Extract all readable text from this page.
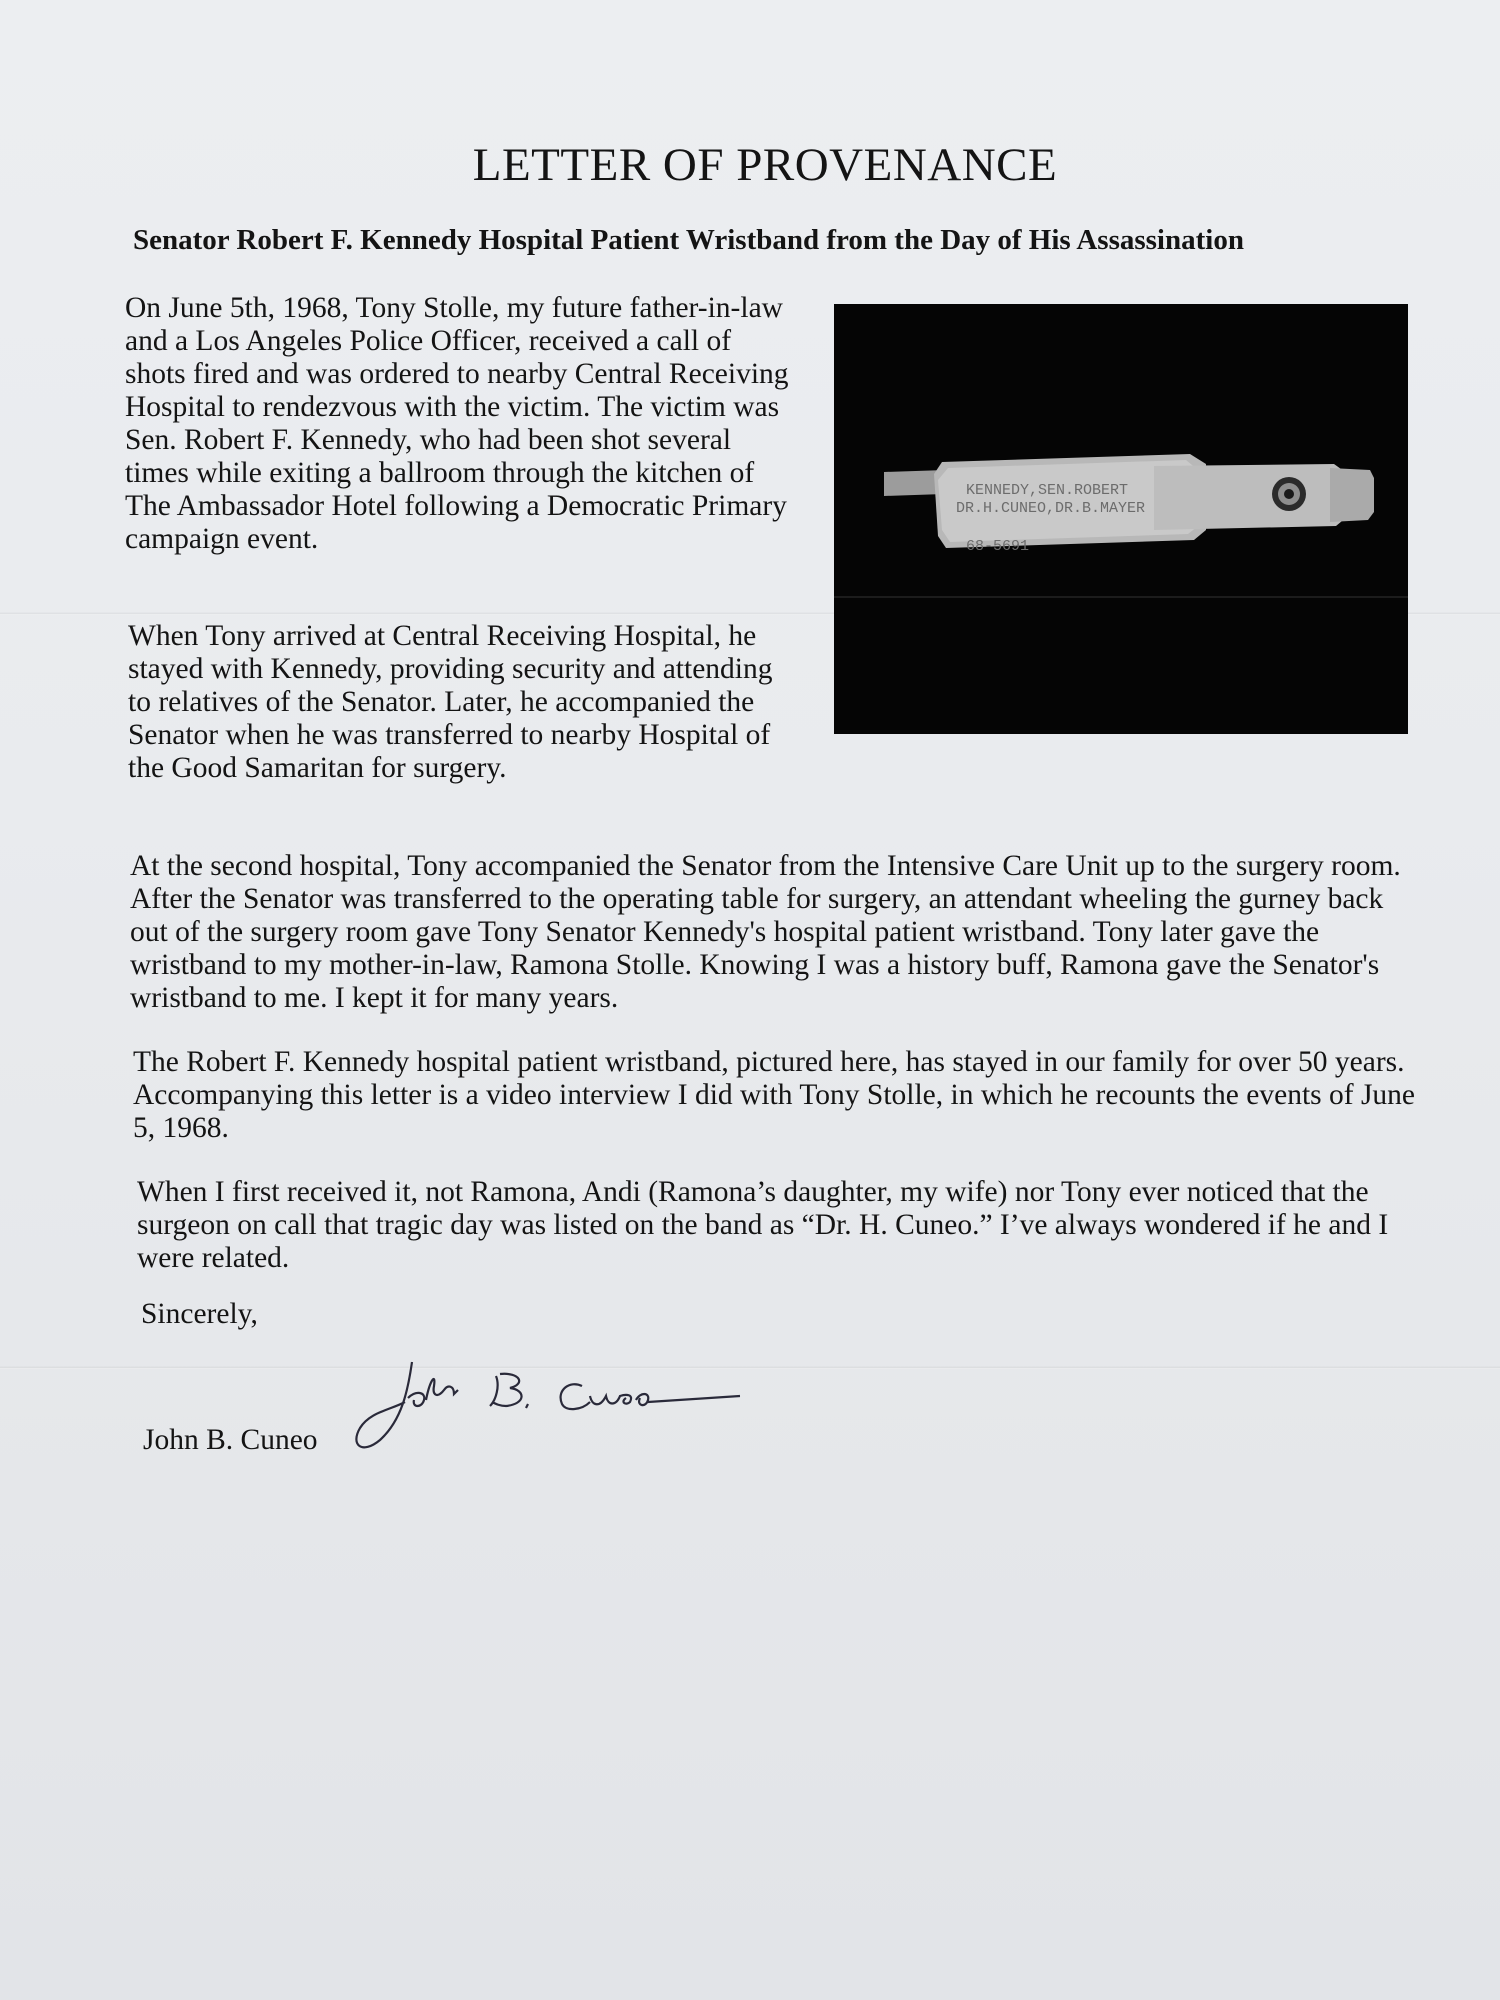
LETTER OF PROVENANCE
Senator Robert F. Kennedy Hospital Patient Wristband from the Day of His Assassination

On June 5th, 1968, Tony Stolle, my future father-in-law and a Los Angeles Police Officer, received a call of shots fired and was ordered to nearby Central Receiving Hospital to rendezvous with the victim. The victim was Sen. Robert F. Kennedy, who had been shot several times while exiting a ballroom through the kitchen of The Ambassador Hotel following a Democratic Primary campaign event.

When Tony arrived at Central Receiving Hospital, he stayed with Kennedy, providing security and attending to relatives of the Senator. Later, he accompanied the Senator when he was transferred to nearby Hospital of the Good Samaritan for surgery.

KENNEDY,SEN.ROBERT
DR.H.CUNEO,DR.B.MAYER
68-5691

At the second hospital, Tony accompanied the Senator from the Intensive Care Unit up to the surgery room. After the Senator was transferred to the operating table for surgery, an attendant wheeling the gurney back out of the surgery room gave Tony Senator Kennedy's hospital patient wristband. Tony later gave the wristband to my mother-in-law, Ramona Stolle. Knowing I was a history buff, Ramona gave the Senator's wristband to me. I kept it for many years.

The Robert F. Kennedy hospital patient wristband, pictured here, has stayed in our family for over 50 years. Accompanying this letter is a video interview I did with Tony Stolle, in which he recounts the events of June 5, 1968.

When I first received it, not Ramona, Andi (Ramona’s daughter, my wife) nor Tony ever noticed that the surgeon on call that tragic day was listed on the band as “Dr. H. Cuneo.” I’ve always wondered if he and I were related.

Sincerely,

John B. Cuneo
